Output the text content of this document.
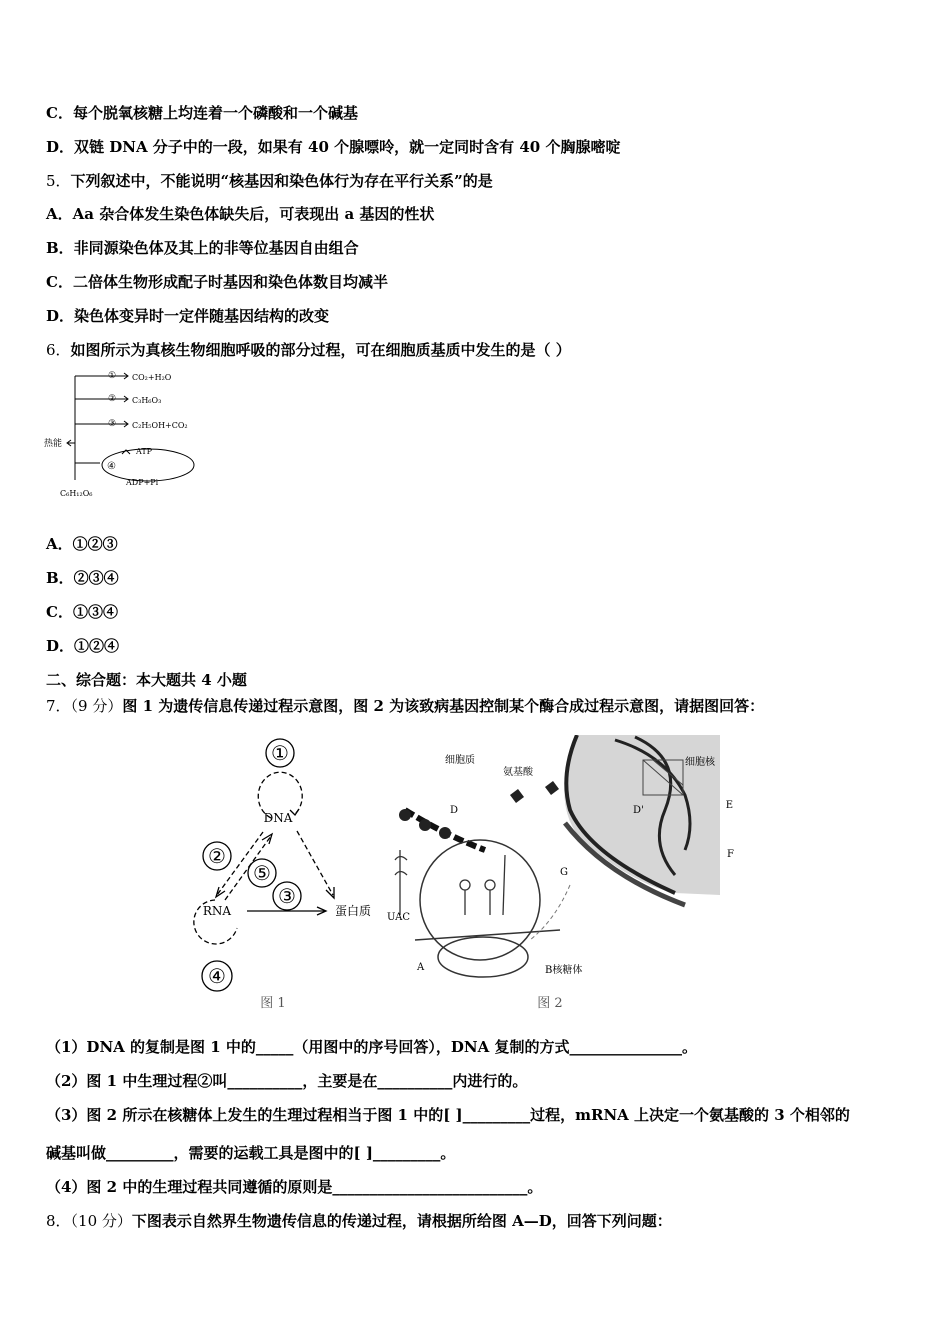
C．每个脱氧核糖上均连着一个磷酸和一个碱基
D．双链 DNA 分子中的一段，如果有 40 个腺嘌呤，就一定同时含有 40 个胸腺嘧啶
5．下列叙述中，不能说明“核基因和染色体行为存在平行关系”的是
A．Aa 杂合体发生染色体缺失后，可表现出 a 基因的性状
B．非同源染色体及其上的非等位基因自由组合
C．二倍体生物形成配子时基因和染色体数目均减半
D．染色体变异时一定伴随基因结构的改变
6．如图所示为真核生物细胞呼吸的部分过程，可在细胞质基质中发生的是（ ）
① CO₂+H₂O
② C₃H₆O₃
③ C₂H₅OH+CO₂
热能
④
ATP
ADP+Pi
C₆H₁₂O₆
A．①②③
B．②③④
C．①③④
D．①②④
二、综合题：本大题共 4 小题
7．（9 分）图 1 为遗传信息传递过程示意图，图 2 为该致病基因控制某个酶合成过程示意图，请据图回答：
①
DNA
②
⑤
③
RNA	蛋白质
④
图 1
细胞质
氨基酸
细胞核
D	D'	E
F
G
UAC
A	B核糖体
图 2
（1）DNA 的复制是图 1 中的_____（用图中的序号回答），DNA 复制的方式_______________。
（2）图 1 中生理过程②叫__________，主要是在__________内进行的。
（3）图 2 所示在核糖体上发生的生理过程相当于图 1 中的[ ]_________过程，mRNA 上决定一个氨基酸的 3 个相邻的
碱基叫做_________，需要的运载工具是图中的[ ]_________。
（4）图 2 中的生理过程共同遵循的原则是__________________________。
8．（10 分）下图表示自然界生物遗传信息的传递过程，请根据所给图 A—D，回答下列问题：
